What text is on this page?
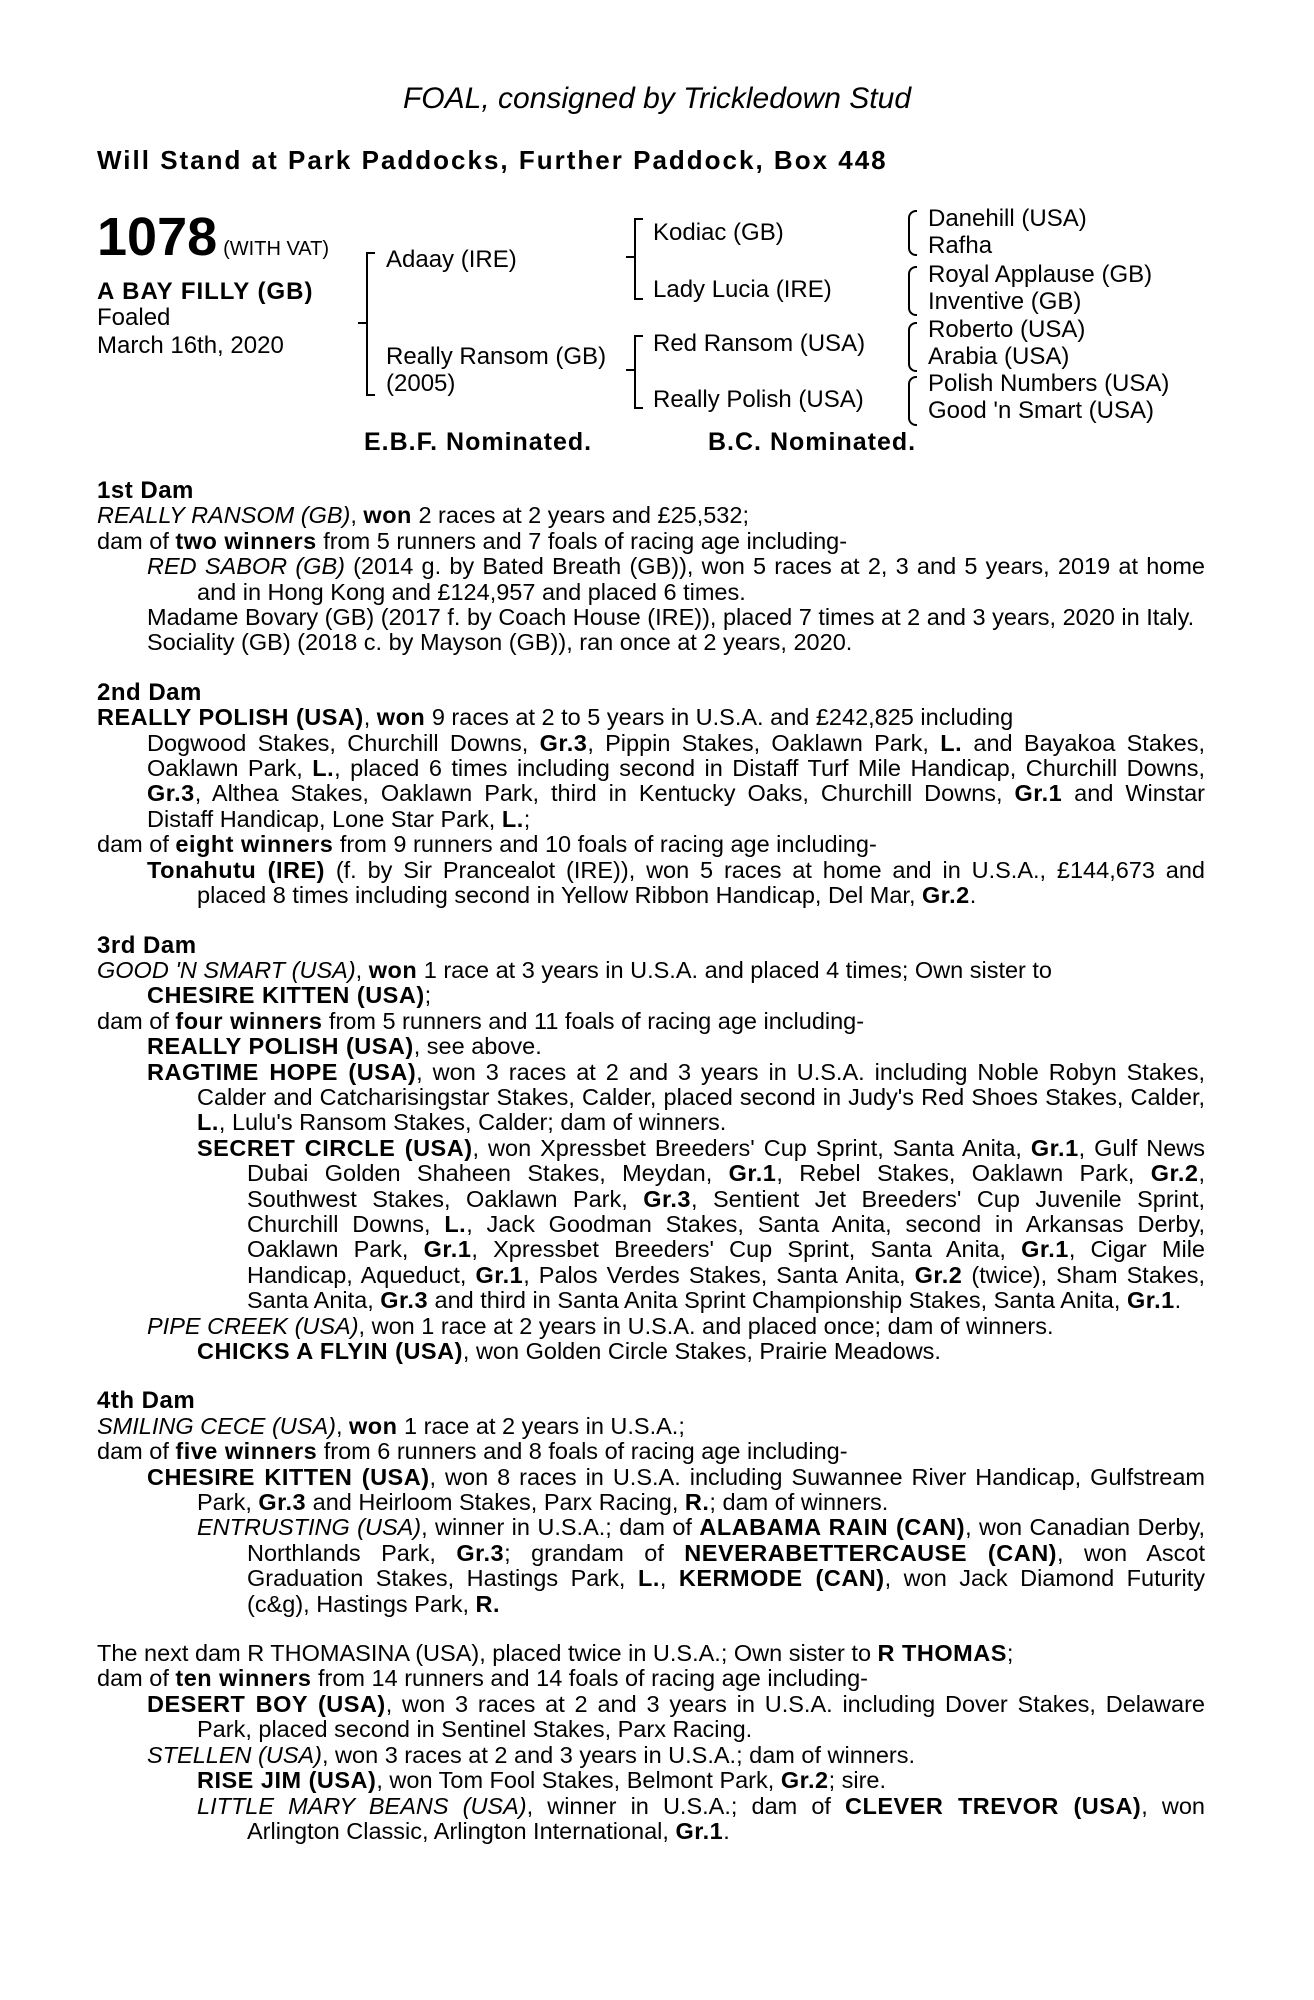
FOAL, consigned by Trickledown Stud
Will Stand at Park Paddocks, Further Paddock, Box 448
1078 (WITH VAT)
A BAY FILLY (GB)
Foaled
March 16th, 2020
Adaay (IRE)
Really Ransom (GB)
(2005)
Kodiac (GB)
Lady Lucia (IRE)
Red Ransom (USA)
Really Polish (USA)
Danehill (USA)
Rafha
Royal Applause (GB)
Inventive (GB)
Roberto (USA)
Arabia (USA)
Polish Numbers (USA)
Good 'n Smart (USA)
E.B.F. Nominated.	B.C. Nominated.

1st Dam

REALLY RANSOM (GB), won 2 races at 2 years and £25,532;

dam of two winners from 5 runners and 7 foals of racing age including-

RED SABOR (GB) (2014 g. by Bated Breath (GB)), won 5 races at 2, 3 and 5 years, 2019 at home and in Hong Kong and £124,957 and placed 6 times.

Madame Bovary (GB) (2017 f. by Coach House (IRE)), placed 7 times at 2 and 3 years, 2020 in Italy.

Sociality (GB) (2018 c. by Mayson (GB)), ran once at 2 years, 2020.

2nd Dam

REALLY POLISH (USA), won 9 races at 2 to 5 years in U.S.A. and £242,825 including

Dogwood Stakes, Churchill Downs, Gr.3, Pippin Stakes, Oaklawn Park, L. and Bayakoa Stakes, Oaklawn Park, L., placed 6 times including second in Distaff Turf Mile Handicap, Churchill Downs, Gr.3, Althea Stakes, Oaklawn Park, third in Kentucky Oaks, Churchill Downs, Gr.1 and Winstar Distaff Handicap, Lone Star Park, L.;

dam of eight winners from 9 runners and 10 foals of racing age including-

Tonahutu (IRE) (f. by Sir Prancealot (IRE)), won 5 races at home and in U.S.A., £144,673 and placed 8 times including second in Yellow Ribbon Handicap, Del Mar, Gr.2.

3rd Dam

GOOD 'N SMART (USA), won 1 race at 3 years in U.S.A. and placed 4 times; Own sister to

CHESIRE KITTEN (USA);

dam of four winners from 5 runners and 11 foals of racing age including-

REALLY POLISH (USA), see above.

RAGTIME HOPE (USA), won 3 races at 2 and 3 years in U.S.A. including Noble Robyn Stakes, Calder and Catcharisingstar Stakes, Calder, placed second in Judy's Red Shoes Stakes, Calder, L., Lulu's Ransom Stakes, Calder; dam of winners.

SECRET CIRCLE (USA), won Xpressbet Breeders' Cup Sprint, Santa Anita, Gr.1, Gulf News Dubai Golden Shaheen Stakes, Meydan, Gr.1, Rebel Stakes, Oaklawn Park, Gr.2, Southwest Stakes, Oaklawn Park, Gr.3, Sentient Jet Breeders' Cup Juvenile Sprint, Churchill Downs, L., Jack Goodman Stakes, Santa Anita, second in Arkansas Derby, Oaklawn Park, Gr.1, Xpressbet Breeders' Cup Sprint, Santa Anita, Gr.1, Cigar Mile Handicap, Aqueduct, Gr.1, Palos Verdes Stakes, Santa Anita, Gr.2 (twice), Sham Stakes, Santa Anita, Gr.3 and third in Santa Anita Sprint Championship Stakes, Santa Anita, Gr.1.

PIPE CREEK (USA), won 1 race at 2 years in U.S.A. and placed once; dam of winners.

CHICKS A FLYIN (USA), won Golden Circle Stakes, Prairie Meadows.

4th Dam

SMILING CECE (USA), won 1 race at 2 years in U.S.A.;

dam of five winners from 6 runners and 8 foals of racing age including-

CHESIRE KITTEN (USA), won 8 races in U.S.A. including Suwannee River Handicap, Gulfstream Park, Gr.3 and Heirloom Stakes, Parx Racing, R.; dam of winners.

ENTRUSTING (USA), winner in U.S.A.; dam of ALABAMA RAIN (CAN), won Canadian Derby, Northlands Park, Gr.3; grandam of NEVERABETTERCAUSE (CAN), won Ascot Graduation Stakes, Hastings Park, L., KERMODE (CAN), won Jack Diamond Futurity (c&g), Hastings Park, R.

The next dam R THOMASINA (USA), placed twice in U.S.A.; Own sister to R THOMAS;

dam of ten winners from 14 runners and 14 foals of racing age including-

DESERT BOY (USA), won 3 races at 2 and 3 years in U.S.A. including Dover Stakes, Delaware Park, placed second in Sentinel Stakes, Parx Racing.

STELLEN (USA), won 3 races at 2 and 3 years in U.S.A.; dam of winners.

RISE JIM (USA), won Tom Fool Stakes, Belmont Park, Gr.2; sire.

LITTLE MARY BEANS (USA), winner in U.S.A.; dam of CLEVER TREVOR (USA), won Arlington Classic, Arlington International, Gr.1.
